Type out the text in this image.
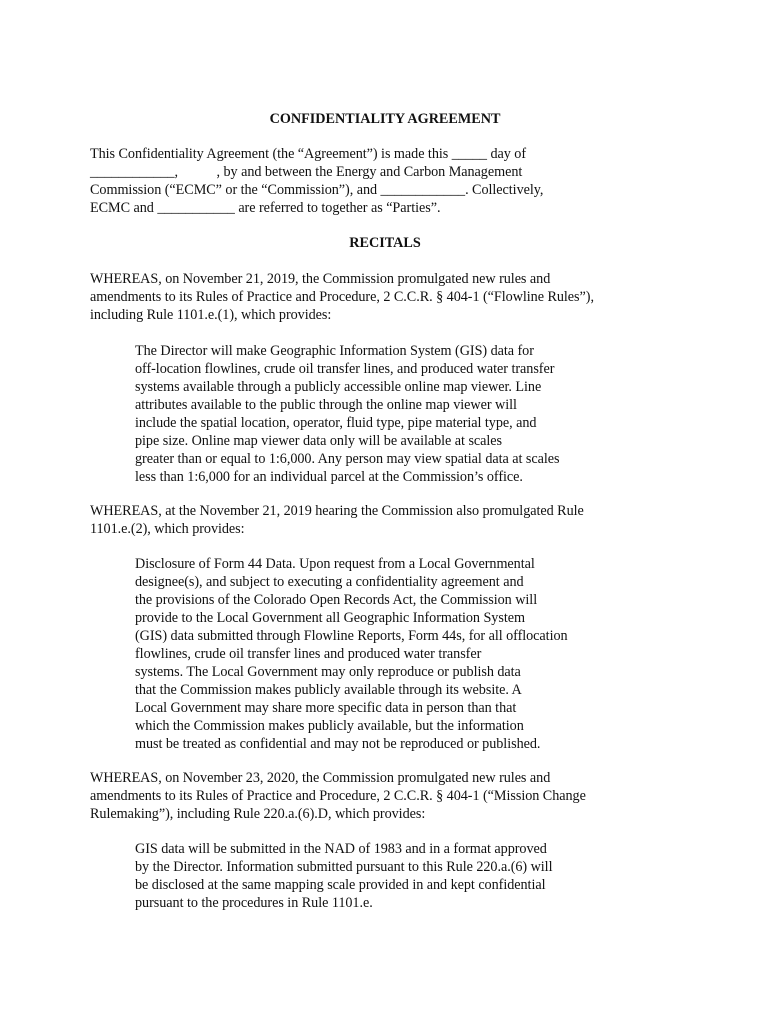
CONFIDENTIALITY AGREEMENT
This Confidentiality Agreement (the “Agreement”) is made this _____ day of
____________,           , by and between the Energy and Carbon Management
Commission (“ECMC” or the “Commission”), and ____________. Collectively,
ECMC and ___________ are referred to together as “Parties”.
RECITALS
WHEREAS, on November 21, 2019, the Commission promulgated new rules and
amendments to its Rules of Practice and Procedure, 2 C.C.R. § 404-1 (“Flowline Rules”),
including Rule 1101.e.(1), which provides:
The Director will make Geographic Information System (GIS) data for
off-location flowlines, crude oil transfer lines, and produced water transfer
systems available through a publicly accessible online map viewer. Line
attributes available to the public through the online map viewer will
include the spatial location, operator, fluid type, pipe material type, and
pipe size. Online map viewer data only will be available at scales
greater than or equal to 1:6,000. Any person may view spatial data at scales
less than 1:6,000 for an individual parcel at the Commission’s office.
WHEREAS, at the November 21, 2019 hearing the Commission also promulgated Rule
1101.e.(2), which provides:
Disclosure of Form 44 Data. Upon request from a Local Governmental
designee(s), and subject to executing a confidentiality agreement and
the provisions of the Colorado Open Records Act, the Commission will
provide to the Local Government all Geographic Information System
(GIS) data submitted through Flowline Reports, Form 44s, for all offlocation
flowlines, crude oil transfer lines and produced water transfer
systems. The Local Government may only reproduce or publish data
that the Commission makes publicly available through its website. A
Local Government may share more specific data in person than that
which the Commission makes publicly available, but the information
must be treated as confidential and may not be reproduced or published.
WHEREAS, on November 23, 2020, the Commission promulgated new rules and
amendments to its Rules of Practice and Procedure, 2 C.C.R. § 404-1 (“Mission Change
Rulemaking”), including Rule 220.a.(6).D, which provides:
GIS data will be submitted in the NAD of 1983 and in a format approved
by the Director. Information submitted pursuant to this Rule 220.a.(6) will
be disclosed at the same mapping scale provided in and kept confidential
pursuant to the procedures in Rule 1101.e.
